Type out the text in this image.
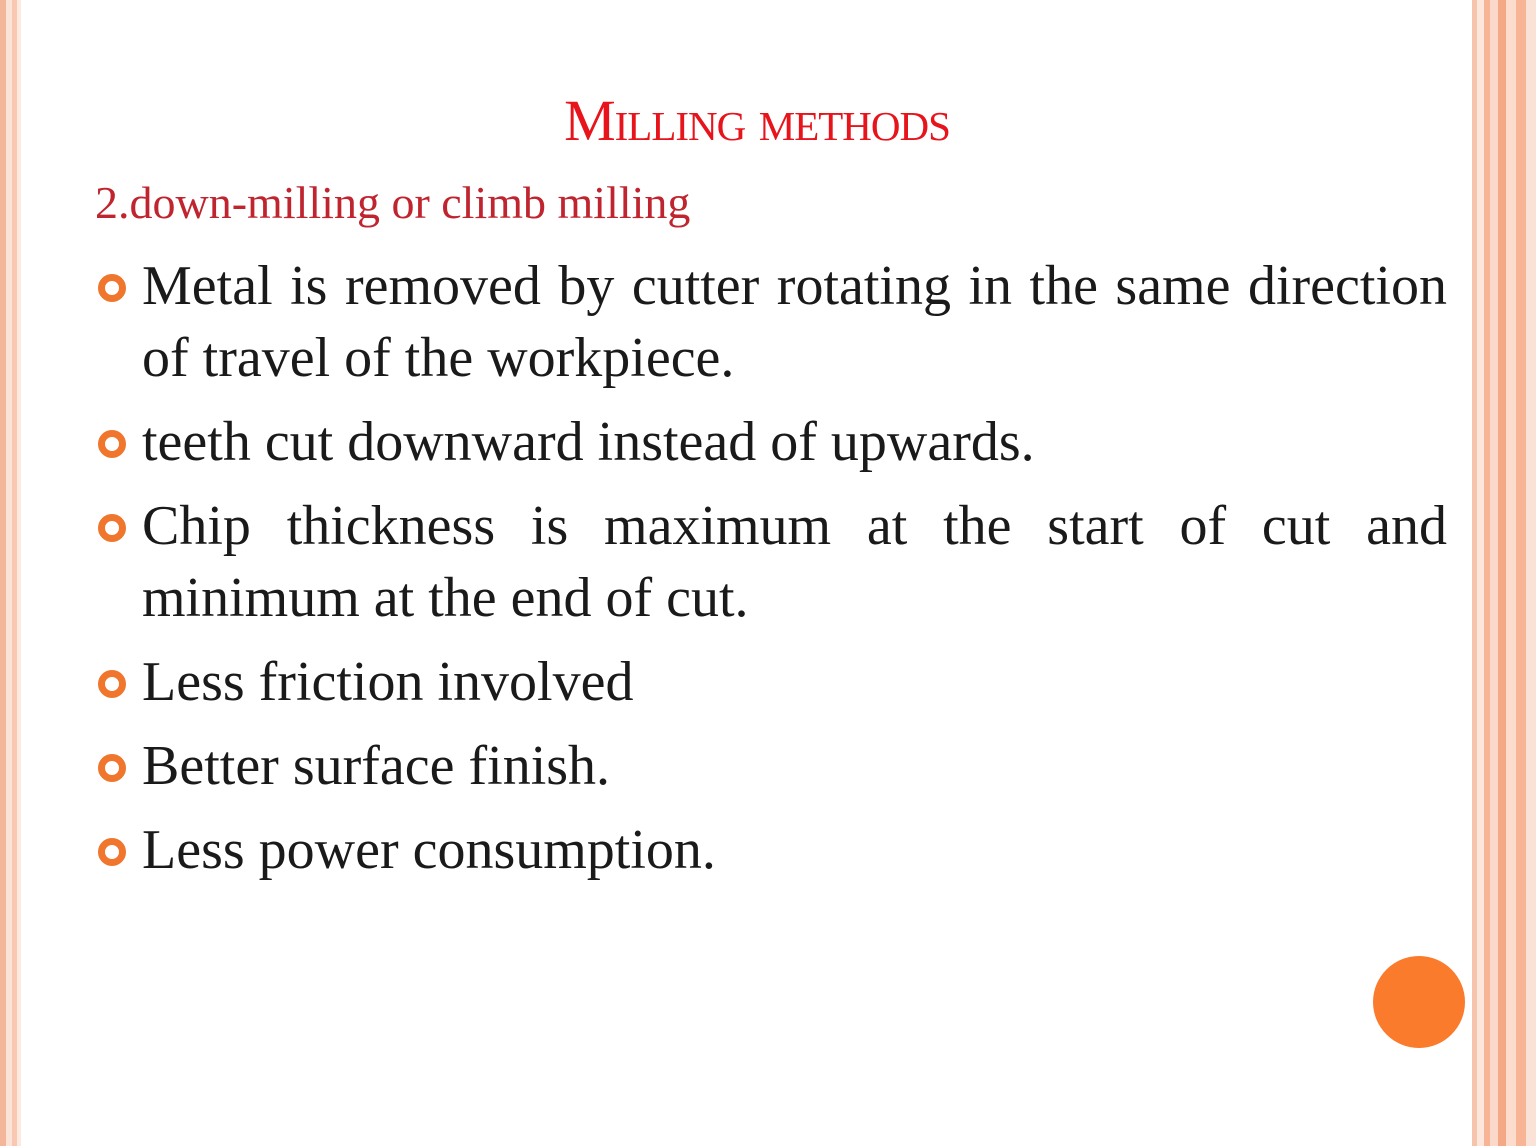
Milling methods
2.down-milling or climb milling
Metal is removed by cutter rotating in the same direction of travel of the workpiece.
teeth cut downward instead of upwards.
Chip thickness is maximum at the start of cut and minimum at the end of cut.
Less friction involved
Better surface finish.
Less power consumption.
